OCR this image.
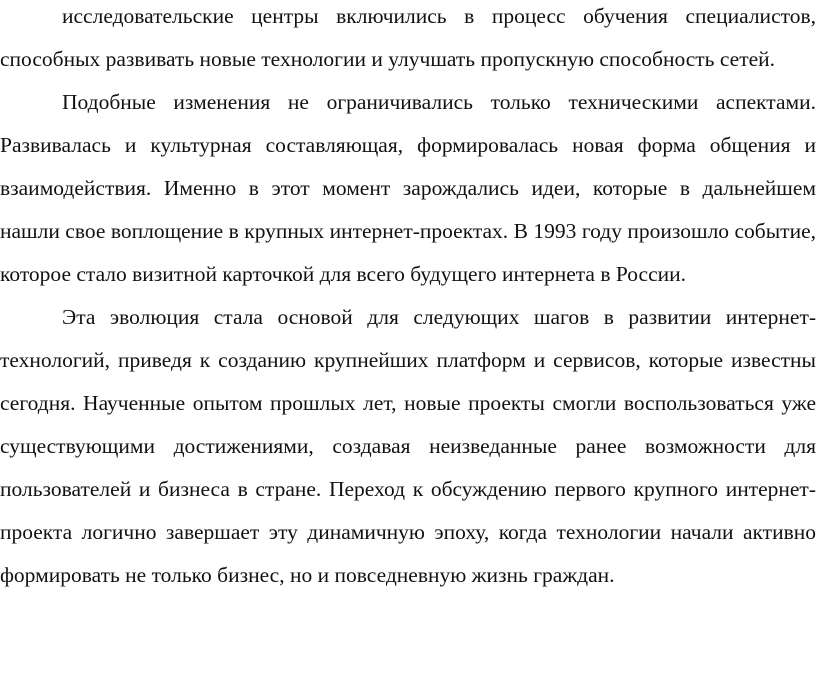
исследовательские центры включились в процесс обучения специалистов, способных развивать новые технологии и улучшать пропускную способность сетей.

Подобные изменения не ограничивались только техническими аспектами. Развивалась и культурная составляющая, формировалась новая форма общения и взаимодействия. Именно в этот момент зарождались идеи, которые в дальнейшем нашли свое воплощение в крупных интернет-проектах. В 1993 году произошло событие, которое стало визитной карточкой для всего будущего интернета в России.

Эта эволюция стала основой для следующих шагов в развитии интернет-технологий, приведя к созданию крупнейших платформ и сервисов, которые известны сегодня. Наученные опытом прошлых лет, новые проекты смогли воспользоваться уже существующими достижениями, создавая неизведанные ранее возможности для пользователей и бизнеса в стране. Переход к обсуждению первого крупного интернет-проекта логично завершает эту динамичную эпоху, когда технологии начали активно формировать не только бизнес, но и повседневную жизнь граждан.
